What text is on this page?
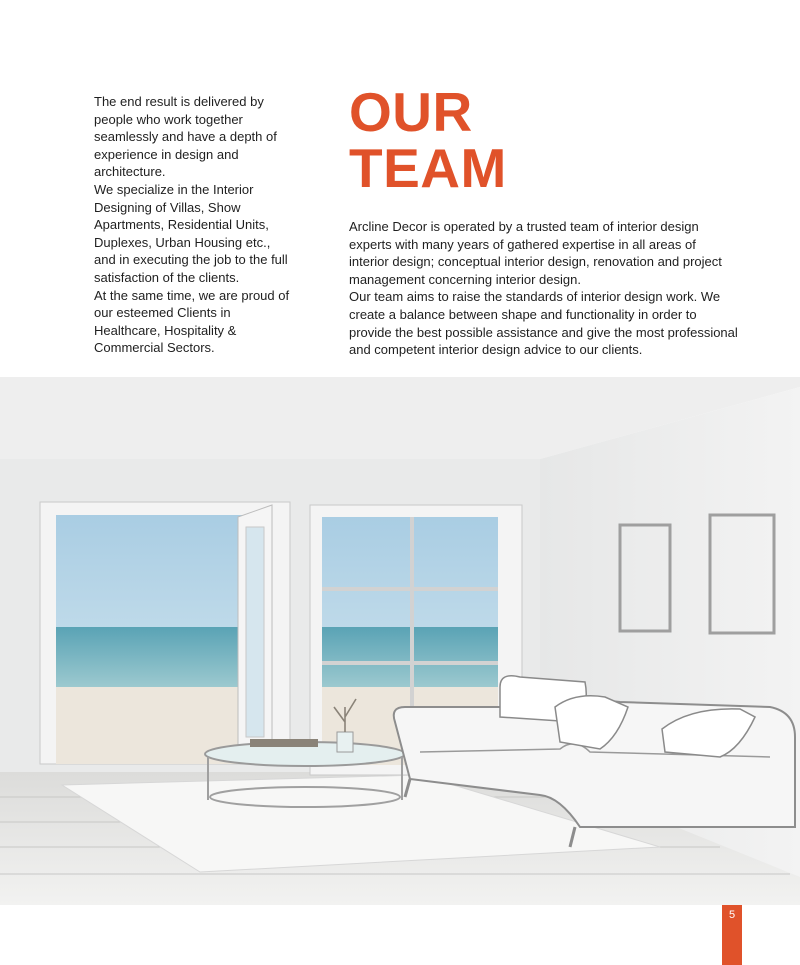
The end result is delivered by people who work together seamlessly and have a depth of experience in design and architecture.

We specialize in the Interior Designing of Villas, Show Apartments, Residential Units, Duplexes, Urban Housing etc., and in executing the job to the full satisfaction of the clients.

At the same time, we are proud of our esteemed Clients in Healthcare, Hospitality & Commercial Sectors.

OUR
TEAM

Arcline Decor is operated by a trusted team of interior design experts with many years of gathered expertise in all areas of interior design; conceptual interior design, renovation and project management concerning interior design.

Our team aims to raise the standards of interior design work. We create a balance between shape and functionality in order to provide the best possible assistance and give the most professional and competent interior design advice to our clients.

5
